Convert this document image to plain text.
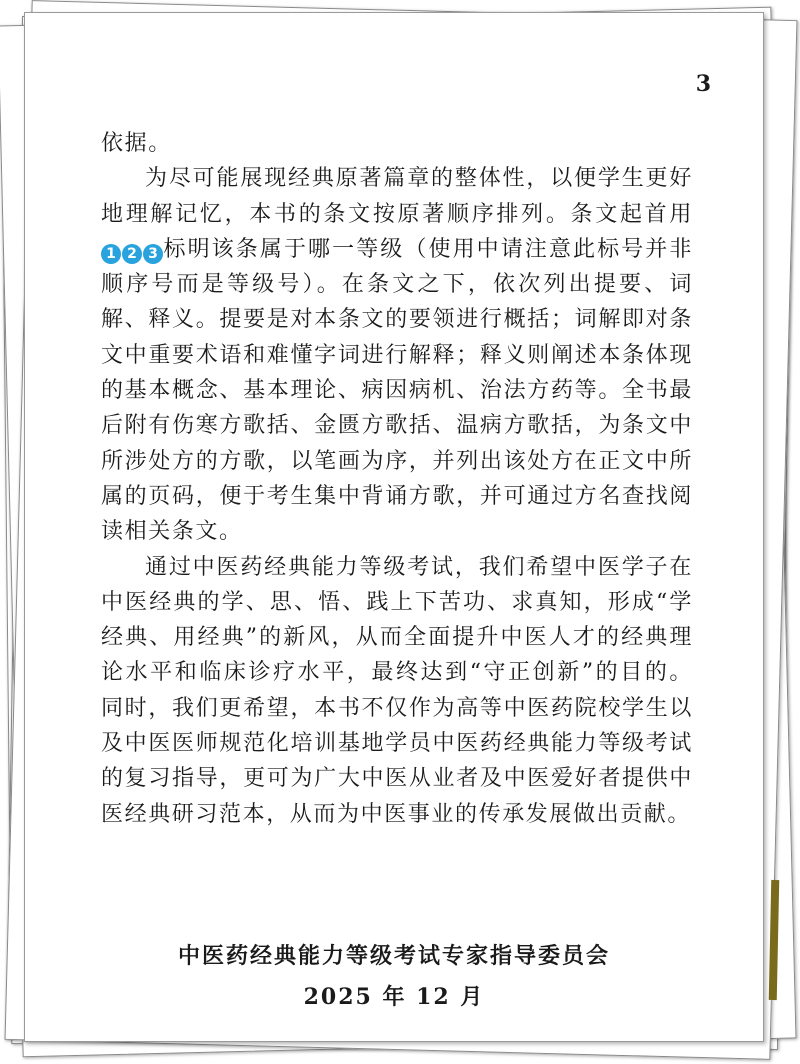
3

依据。

为尽可能展现经典原著篇章的整体性，以便学生更好地理解记忆，本书的条文按原著顺序排列。条文起首用
1 2 3 标明该条属于哪一等级（使用中请注意此标号并非顺序号而是等级号）。在条文之下，依次列出提要、词解、释义。提要是对本条文的要领进行概括；词解即对条文中重要术语和难懂字词进行解释；释义则阐述本条体现的基本概念、基本理论、病因病机、治法方药等。全书最后附有伤寒方歌括、金匮方歌括、温病方歌括，为条文中所涉处方的方歌，以笔画为序，并列出该处方在正文中所属的页码，便于考生集中背诵方歌，并可通过方名查找阅读相关条文。

通过中医药经典能力等级考试，我们希望中医学子在中医经典的学、思、悟、践上下苦功、求真知，形成“学经典、用经典”的新风，从而全面提升中医人才的经典理论水平和临床诊疗水平，最终达到“守正创新”的目的。同时，我们更希望，本书不仅作为高等中医药院校学生以及中医医师规范化培训基地学员中医药经典能力等级考试的复习指导，更可为广大中医从业者及中医爱好者提供中医经典研习范本，从而为中医事业的传承发展做出贡献。

中医药经典能力等级考试专家指导委员会
2025 年 12 月
